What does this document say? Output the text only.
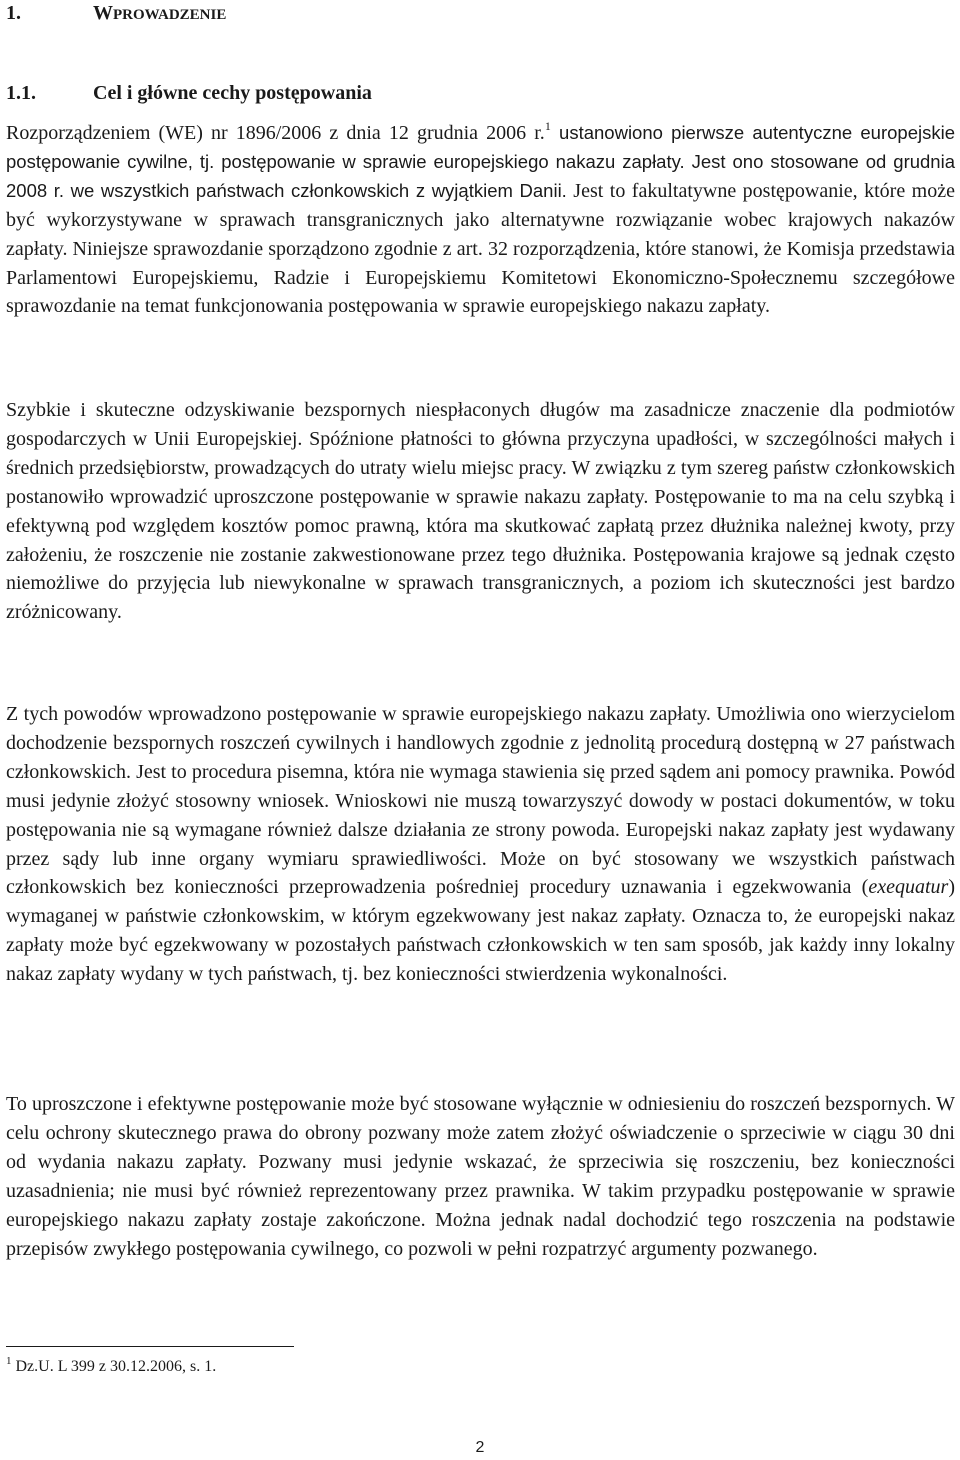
1.	WPROWADZENIE
1.1.	Cel i główne cechy postępowania

Rozporządzeniem (WE) nr 1896/2006 z dnia 12 grudnia 2006 r.$^1$ ustanowiono pierwsze autentyczne europejskie postępowanie cywilne, tj. postępowanie w sprawie europejskiego nakazu zapłaty. Jest ono stosowane od grudnia 2008 r. we wszystkich państwach członkowskich z wyjątkiem Danii. Jest to fakultatywne postępowanie, które może być wykorzystywane w sprawach transgranicznych jako alternatywne rozwiązanie wobec krajowych nakazów zapłaty. Niniejsze sprawozdanie sporządzono zgodnie z art. 32 rozporządzenia, które stanowi, że Komisja przedstawia Parlamentowi Europejskiemu, Radzie i Europejskiemu Komitetowi Ekonomiczno-Społecznemu szczegółowe sprawozdanie na temat funkcjonowania postępowania w sprawie europejskiego nakazu zapłaty.

Szybkie i skuteczne odzyskiwanie bezspornych niespłaconych długów ma zasadnicze znaczenie dla podmiotów gospodarczych w Unii Europejskiej. Spóźnione płatności to główna przyczyna upadłości, w szczególności małych i średnich przedsiębiorstw, prowadzących do utraty wielu miejsc pracy. W związku z tym szereg państw członkowskich postanowiło wprowadzić uproszczone postępowanie w sprawie nakazu zapłaty. Postępowanie to ma na celu szybką i efektywną pod względem kosztów pomoc prawną, która ma skutkować zapłatą przez dłużnika należnej kwoty, przy założeniu, że roszczenie nie zostanie zakwestionowane przez tego dłużnika. Postępowania krajowe są jednak często niemożliwe do przyjęcia lub niewykonalne w sprawach transgranicznych, a poziom ich skuteczności jest bardzo zróżnicowany.

Z tych powodów wprowadzono postępowanie w sprawie europejskiego nakazu zapłaty. Umożliwia ono wierzycielom dochodzenie bezspornych roszczeń cywilnych i handlowych zgodnie z jednolitą procedurą dostępną w 27 państwach członkowskich. Jest to procedura pisemna, która nie wymaga stawienia się przed sądem ani pomocy prawnika. Powód musi jedynie złożyć stosowny wniosek. Wnioskowi nie muszą towarzyszyć dowody w postaci dokumentów, w toku postępowania nie są wymagane również dalsze działania ze strony powoda. Europejski nakaz zapłaty jest wydawany przez sądy lub inne organy wymiaru sprawiedliwości. Może on być stosowany we wszystkich państwach członkowskich bez konieczności przeprowadzenia pośredniej procedury uznawania i egzekwowania (exequatur) wymaganej w państwie członkowskim, w którym egzekwowany jest nakaz zapłaty. Oznacza to, że europejski nakaz zapłaty może być egzekwowany w pozostałych państwach członkowskich w ten sam sposób, jak każdy inny lokalny nakaz zapłaty wydany w tych państwach, tj. bez konieczności stwierdzenia wykonalności.

To uproszczone i efektywne postępowanie może być stosowane wyłącznie w odniesieniu do roszczeń bezspornych. W celu ochrony skutecznego prawa do obrony pozwany może zatem złożyć oświadczenie o sprzeciwie w ciągu 30 dni od wydania nakazu zapłaty. Pozwany musi jedynie wskazać, że sprzeciwia się roszczeniu, bez konieczności uzasadnienia; nie musi być również reprezentowany przez prawnika. W takim przypadku postępowanie w sprawie europejskiego nakazu zapłaty zostaje zakończone. Można jednak nadal dochodzić tego roszczenia na podstawie przepisów zwykłego postępowania cywilnego, co pozwoli w pełni rozpatrzyć argumenty pozwanego.

$^1$ Dz.U. L 399 z 30.12.2006, s. 1.
2
